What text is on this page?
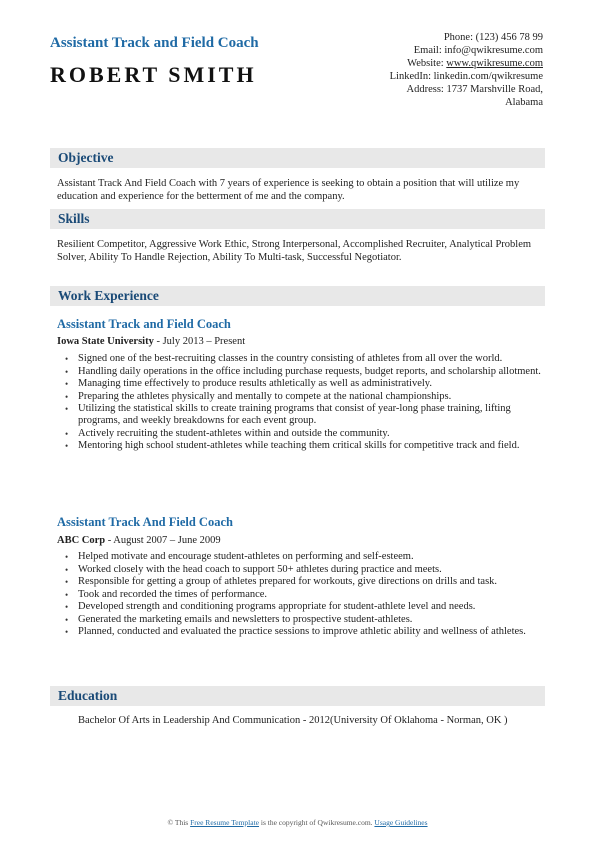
Assistant Track and Field Coach
ROBERT SMITH
Phone: (123) 456 78 99
Email: info@qwikresume.com
Website: www.qwikresume.com
LinkedIn: linkedin.com/qwikresume
Address: 1737 Marshville Road,
Alabama
Objective
Assistant Track And Field Coach with 7 years of experience is seeking to obtain a position that will utilize my education and experience for the betterment of me and the company.
Skills
Resilient Competitor, Aggressive Work Ethic, Strong Interpersonal, Accomplished Recruiter, Analytical Problem Solver, Ability To Handle Rejection, Ability To Multi-task, Successful Negotiator.
Work Experience
Assistant Track and Field Coach
Iowa State University - July 2013 – Present
• Signed one of the best-recruiting classes in the country consisting of athletes from all over the world.
• Handling daily operations in the office including purchase requests, budget reports, and scholarship allotment.
• Managing time effectively to produce results athletically as well as administratively.
• Preparing the athletes physically and mentally to compete at the national championships.
• Utilizing the statistical skills to create training programs that consist of year-long phase training, lifting programs, and weekly breakdowns for each event group.
• Actively recruiting the student-athletes within and outside the community.
• Mentoring high school student-athletes while teaching them critical skills for competitive track and field.
Assistant Track And Field Coach
ABC Corp - August 2007 – June 2009
• Helped motivate and encourage student-athletes on performing and self-esteem.
• Worked closely with the head coach to support 50+ athletes during practice and meets.
• Responsible for getting a group of athletes prepared for workouts, give directions on drills and task.
• Took and recorded the times of performance.
• Developed strength and conditioning programs appropriate for student-athlete level and needs.
• Generated the marketing emails and newsletters to prospective student-athletes.
• Planned, conducted and evaluated the practice sessions to improve athletic ability and wellness of athletes.
Education
Bachelor Of Arts in Leadership And Communication - 2012(University Of Oklahoma - Norman, OK )
© This Free Resume Template is the copyright of Qwikresume.com. Usage Guidelines
